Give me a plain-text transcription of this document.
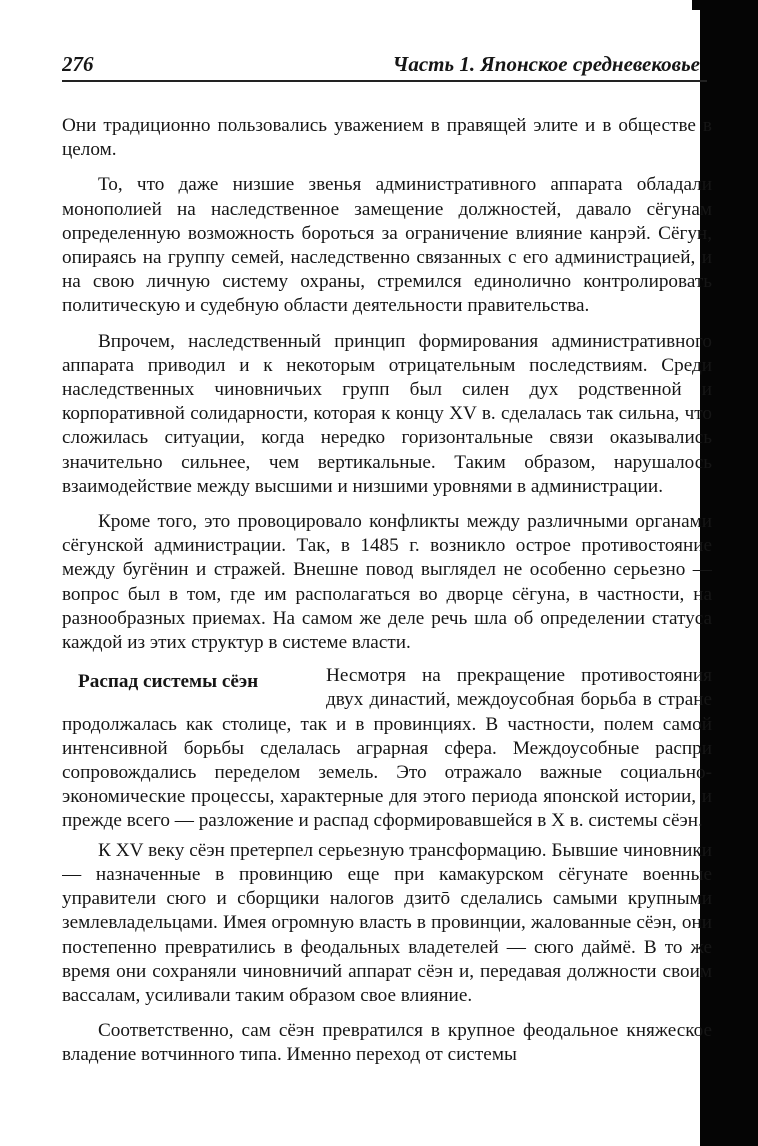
276	Часть 1. Японское средневековье

Они традиционно пользовались уважением в правящей элите и в обществе в целом.

То, что даже низшие звенья административного аппарата обладали монополией на наследственное замещение должностей, давало сёгунам определенную возможность бороться за ограничение влияние канрэй. Сёгун, опираясь на группу семей, наследственно связанных с его администрацией, и на свою личную систему охраны, стремился единолично контролировать политическую и судебную области деятельности правительства.

Впрочем, наследственный принцип формирования административного аппарата приводил и к некоторым отрицательным последствиям. Среди наследственных чиновничьих групп был силен дух родственной и корпоративной солидарности, которая к концу XV в. сделалась так сильна, что сложилась ситуации, когда нередко горизонтальные связи оказывались значительно сильнее, чем вертикальные. Таким образом, нарушалось взаимодействие между высшими и низшими уровнями в администрации.

Кроме того, это провоцировало конфликты между различными органами сёгунской администрации. Так, в 1485 г. возникло острое противостояние между бугёнин и стражей. Внешне повод выглядел не особенно серьезно — вопрос был в том, где им располагаться во дворце сёгуна, в частности, на разнообразных приемах. На самом же деле речь шла об определении статуса каждой из этих структур в системе власти.

Распад системы сёэн	Несмотря на прекращение противостояния двух династий, междоусобная борьба в стране продолжалась как столице, так и в провинциях. В частности, полем самой интенсивной борьбы сделалась аграрная сфера. Междоусобные распри сопровождались переделом земель. Это отражало важные социально-экономические процессы, характерные для этого периода японской истории, и прежде всего — разложение и распад сформировавшейся в X в. системы сёэн.

К XV веку сёэн претерпел серьезную трансформацию. Бывшие чиновники — назначенные в провинцию еще при камакурском сёгунате военные управители сюго и сборщики налогов дзитō сделались самыми крупными землевладельцами. Имея огромную власть в провинции, жалованные сёэн, они постепенно превратились в феодальных владетелей — сюго даймё. В то же время они сохраняли чиновничий аппарат сёэн и, передавая должности своим вассалам, усиливали таким образом свое влияние.

Соответственно, сам сёэн превратился в крупное феодальное княжеское владение вотчинного типа. Именно переход от системы
